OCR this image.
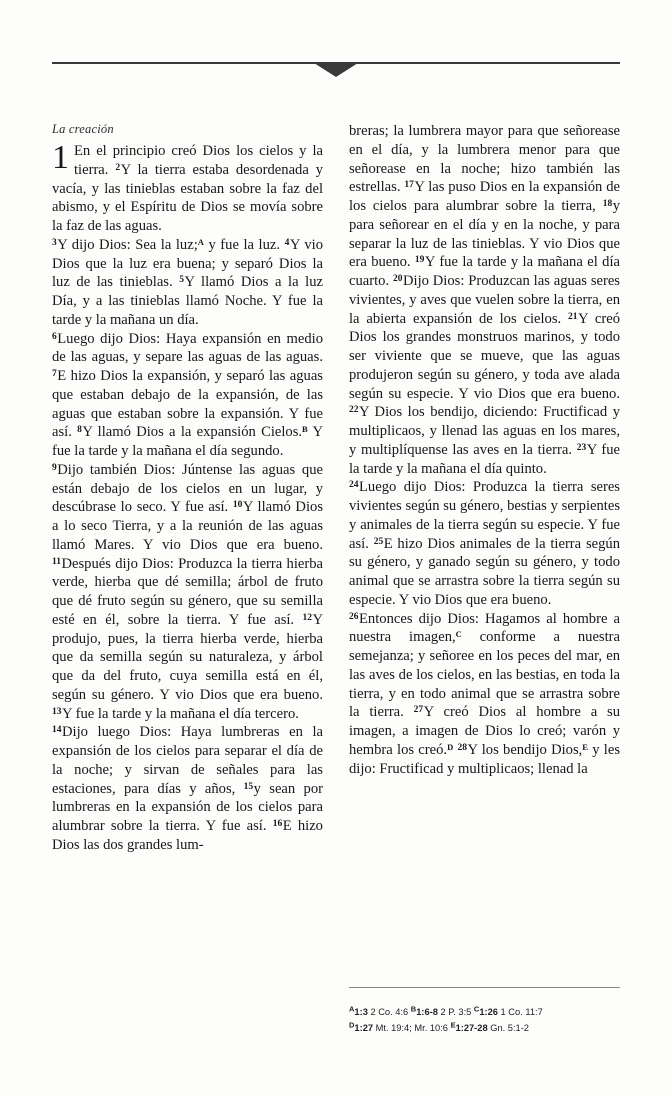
La creación

1 En el principio creó Dios los cielos y la tierra. $^2$Y la tierra estaba desordenada y vacía, y las tinieblas estaban sobre la faz del abismo, y el Espíritu de Dios se movía sobre la faz de las aguas.

$^3$Y dijo Dios: Sea la luz;$^A$ y fue la luz. $^4$Y vio Dios que la luz era buena; y separó Dios la luz de las tinieblas. $^5$Y llamó Dios a la luz Día, y a las tinieblas llamó Noche. Y fue la tarde y la mañana un día.

$^6$Luego dijo Dios: Haya expansión en medio de las aguas, y separe las aguas de las aguas. $^7$E hizo Dios la expansión, y separó las aguas que estaban debajo de la expansión, de las aguas que estaban sobre la expansión. Y fue así. $^8$Y llamó Dios a la expansión Cielos.$^B$ Y fue la tarde y la mañana el día segundo.

$^9$Dijo también Dios: Júntense las aguas que están debajo de los cielos en un lugar, y descúbrase lo seco. Y fue así. $^{10}$Y llamó Dios a lo seco Tierra, y a la reunión de las aguas llamó Mares. Y vio Dios que era bueno. $^{11}$Después dijo Dios: Produzca la tierra hierba verde, hierba que dé semilla; árbol de fruto que dé fruto según su género, que su semilla esté en él, sobre la tierra. Y fue así. $^{12}$Y produjo, pues, la tierra hierba verde, hierba que da semilla según su naturaleza, y árbol que da del fruto, cuya semilla está en él, según su género. Y vio Dios que era bueno. $^{13}$Y fue la tarde y la mañana el día tercero.

$^{14}$Dijo luego Dios: Haya lumbreras en la expansión de los cielos para separar el día de la noche; y sirvan de señales para las estaciones, para días y años, $^{15}$y sean por lumbreras en la expansión de los cielos para alumbrar sobre la tierra. Y fue así. $^{16}$E hizo Dios las dos grandes lum-

breras; la lumbrera mayor para que señorease en el día, y la lumbrera menor para que señorease en la noche; hizo también las estrellas. $^{17}$Y las puso Dios en la expansión de los cielos para alumbrar sobre la tierra, $^{18}$y para señorear en el día y en la noche, y para separar la luz de las tinieblas. Y vio Dios que era bueno. $^{19}$Y fue la tarde y la mañana el día cuarto. $^{20}$Dijo Dios: Produzcan las aguas seres vivientes, y aves que vuelen sobre la tierra, en la abierta expansión de los cielos. $^{21}$Y creó Dios los grandes monstruos marinos, y todo ser viviente que se mueve, que las aguas produjeron según su género, y toda ave alada según su especie. Y vio Dios que era bueno. $^{22}$Y Dios los bendijo, diciendo: Fructificad y multiplicaos, y llenad las aguas en los mares, y multiplíquense las aves en la tierra. $^{23}$Y fue la tarde y la mañana el día quinto.

$^{24}$Luego dijo Dios: Produzca la tierra seres vivientes según su género, bestias y serpientes y animales de la tierra según su especie. Y fue así. $^{25}$E hizo Dios animales de la tierra según su género, y ganado según su género, y todo animal que se arrastra sobre la tierra según su especie. Y vio Dios que era bueno.

$^{26}$Entonces dijo Dios: Hagamos al hombre a nuestra imagen,$^C$ conforme a nuestra semejanza; y señoree en los peces del mar, en las aves de los cielos, en las bestias, en toda la tierra, y en todo animal que se arrastra sobre la tierra. $^{27}$Y creó Dios al hombre a su imagen, a imagen de Dios lo creó; varón y hembra los creó.$^D$ $^{28}$Y los bendijo Dios,$^E$ y les dijo: Fructificad y multiplicaos; llenad la

$^A$1:3 2 Co. 4:6 $^B$1:6-8 2 P. 3:5 $^C$1:26 1 Co. 11:7
$^D$1:27 Mt. 19:4; Mr. 10:6 $^E$1:27-28 Gn. 5:1-2
